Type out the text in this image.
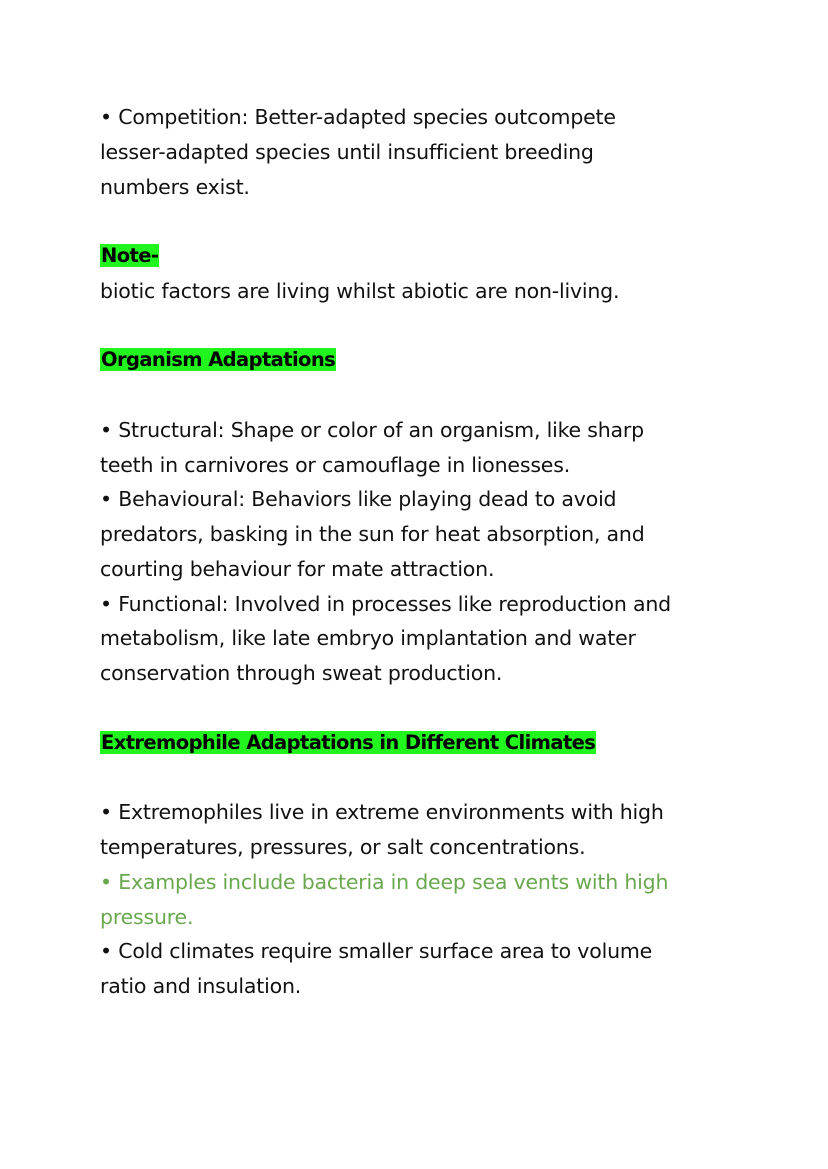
• Competition: Better-adapted species outcompete
lesser-adapted species until insufficient breeding
numbers exist.
Note-
biotic factors are living whilst abiotic are non-living.
Organism Adaptations
• Structural: Shape or color of an organism, like sharp
teeth in carnivores or camouflage in lionesses.
• Behavioural: Behaviors like playing dead to avoid
predators, basking in the sun for heat absorption, and
courting behaviour for mate attraction.
• Functional: Involved in processes like reproduction and
metabolism, like late embryo implantation and water
conservation through sweat production.
Extremophile Adaptations in Different Climates
• Extremophiles live in extreme environments with high
temperatures, pressures, or salt concentrations.
• Examples include bacteria in deep sea vents with high
pressure.
• Cold climates require smaller surface area to volume
ratio and insulation.
